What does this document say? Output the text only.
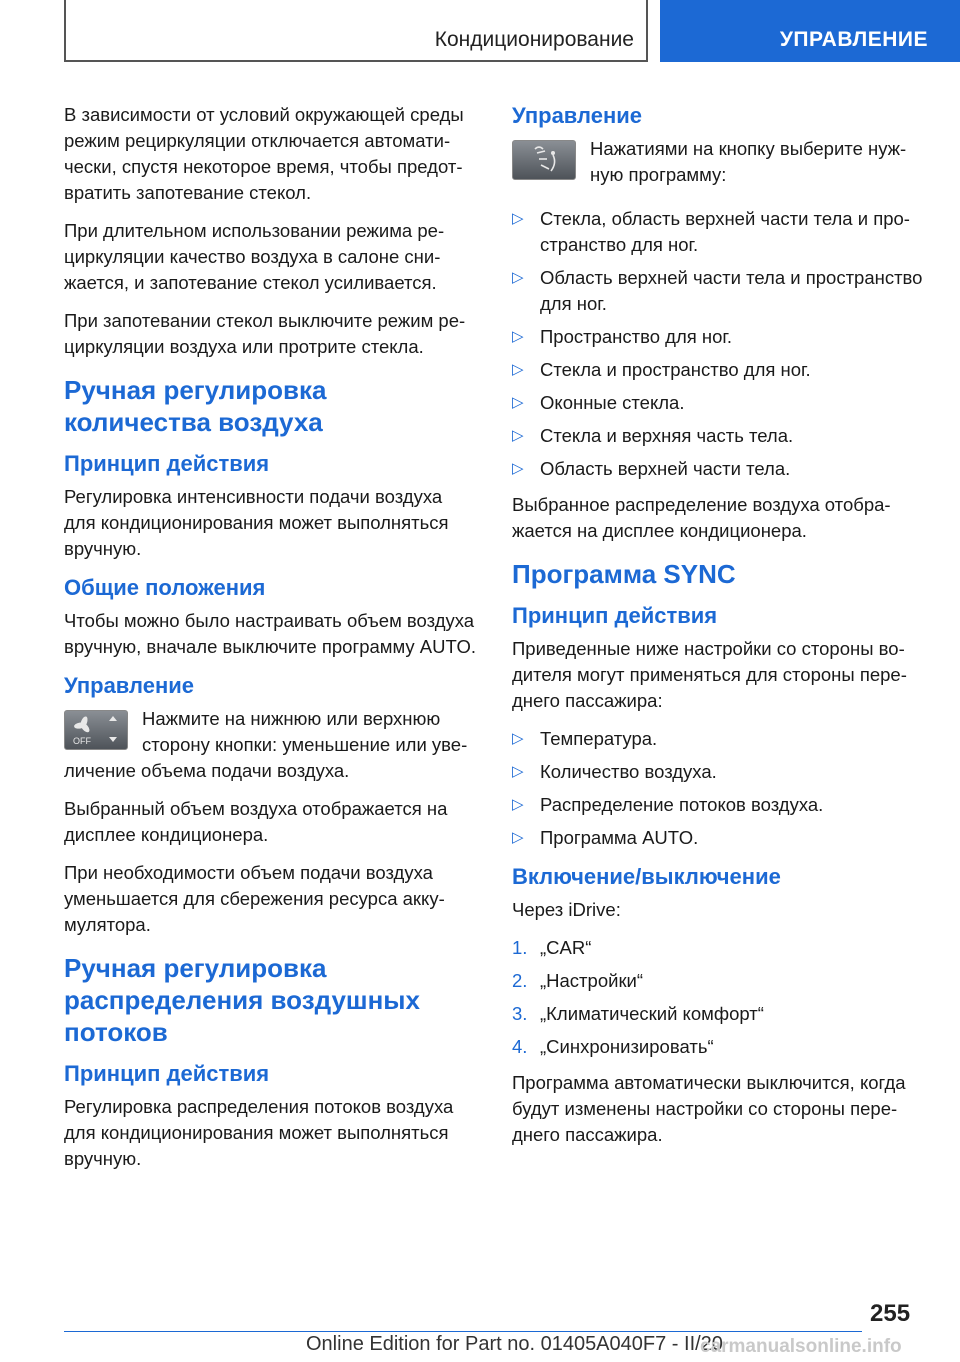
Кондиционирование	УПРАВЛЕНИЕ

В зависимости от условий окружающей среды режим рециркуляции отключается автоматически, спустя некоторое время, чтобы предотвратить запотевание стекол.

При длительном использовании режима рециркуляции качество воздуха в салоне снижается, и запотевание стекол усиливается.

При запотевании стекол выключите режим рециркуляции воздуха или протрите стекла.

Ручная регулировка количества воздуха
Принцип действия

Регулировка интенсивности подачи воздуха для кондиционирования может выполняться вручную.

Общие положения

Чтобы можно было настраивать объем воздуха вручную, вначале выключите программу AUTO.

Управление
OFF
Нажмите на нижнюю или верхнюю сторону кнопки: уменьшение или увеличение объема подачи воздуха.

Выбранный объем воздуха отображается на дисплее кондиционера.

При необходимости объем подачи воздуха уменьшается для сбережения ресурса аккумулятора.

Ручная регулировка распределения воздушных потоков
Принцип действия

Регулировка распределения потоков воздуха для кондиционирования может выполняться вручную.

Управление
Нажатиями на кнопку выберите нужную программу:
▷ Стекла, область верхней части тела и пространство для ног.
▷ Область верхней части тела и пространство для ног.
▷ Пространство для ног.
▷ Стекла и пространство для ног.
▷ Оконные стекла.
▷ Стекла и верхняя часть тела.
▷ Область верхней части тела.

Выбранное распределение воздуха отображается на дисплее кондиционера.

Программа SYNC
Принцип действия

Приведенные ниже настройки со стороны водителя могут применяться для стороны переднего пассажира:

▷ Температура.
▷ Количество воздуха.
▷ Распределение потоков воздуха.
▷ Программа AUTO.
Включение/выключение

Через iDrive:

1. „CAR“
2. „Настройки“
3. „Климатический комфорт“
4. „Синхронизировать“

Программа автоматически выключится, когда будут изменены настройки со стороны переднего пассажира.

255
Online Edition for Part no. 01405A040F7 - II/20
carmanualsonline.info
